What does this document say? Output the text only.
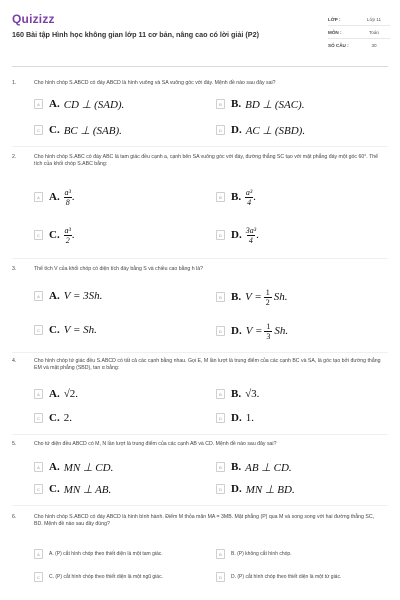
Quizizz
160 Bài tập Hình học không gian lớp 11 cơ bản, nâng cao có lời giải (P2)
LỚP :	Lớp 11
MÔN :	Toán
SỐ CÂU :	30
1.	Cho hình chóp S.ABCD có đáy ABCD là hình vuông và SA vuông góc với đáy. Mệnh đề nào sau đây sai?
A A. CD ⊥ (SAD).	B B. BD ⊥ (SAC).
C C. BC ⊥ (SAB).	D D. AC ⊥ (SBD).
2.	Cho hình chóp S.ABC có đáy ABC là tam giác đều cạnh a, cạnh bên SA vuông góc với đáy, đường thẳng SC tạo với mặt phẳng đáy một góc 60°. Thể tích của khối chóp S.ABC bằng:
A A. $\frac{\text{a³}}{8}$ .	B B. $\frac{\text{a³}}{4}$ .
C C. $\frac{\text{a³}}{2}$ .	D D. $\frac{\text{3a³}}{4}$ .
3.	Thể tích V của khối chóp có diện tích đáy bằng S và chiều cao bằng h là?
A A. V = 3Sh.	B B. $V = \frac{1}{2} Sh$.
C C. V = Sh.	D D. $V = \frac{1}{3} Sh$.
4.	Cho hình chóp tứ giác đều S.ABCD có tất cả các cạnh bằng nhau. Gọi E, M lần lượt là trung điểm của các cạnh BC và SA, là góc tạo bởi đường thẳng EM và mặt phẳng (SBD), tan α bằng:
A A. √2.	B B. √3.
C C. 2.	D D. 1.
5.	Cho tứ diện đều ABCD có M, N lần lượt là trung điểm của các cạnh AB và CD. Mệnh đề nào sau đây sai?
A A. MN ⊥ CD.	B B. AB ⊥ CD.
C C. MN ⊥ AB.	D D. MN ⊥ BD.
6.	Cho hình chóp S.ABCD có đáy ABCD là hình bình hành. Điểm M thỏa mãn MA = 3MB. Mặt phẳng (P) qua M và song song với hai đường thẳng SC, BD. Mệnh đề nào sau đây đúng?
A	A. (P) cắt hình chóp theo thiết diện là một tam giác.	B	B. (P) không cắt hình chóp.
C	C. (P) cắt hình chóp theo thiết diện là một ngũ giác.	D	D. (P) cắt hình chóp theo thiết diện là một tứ giác.
